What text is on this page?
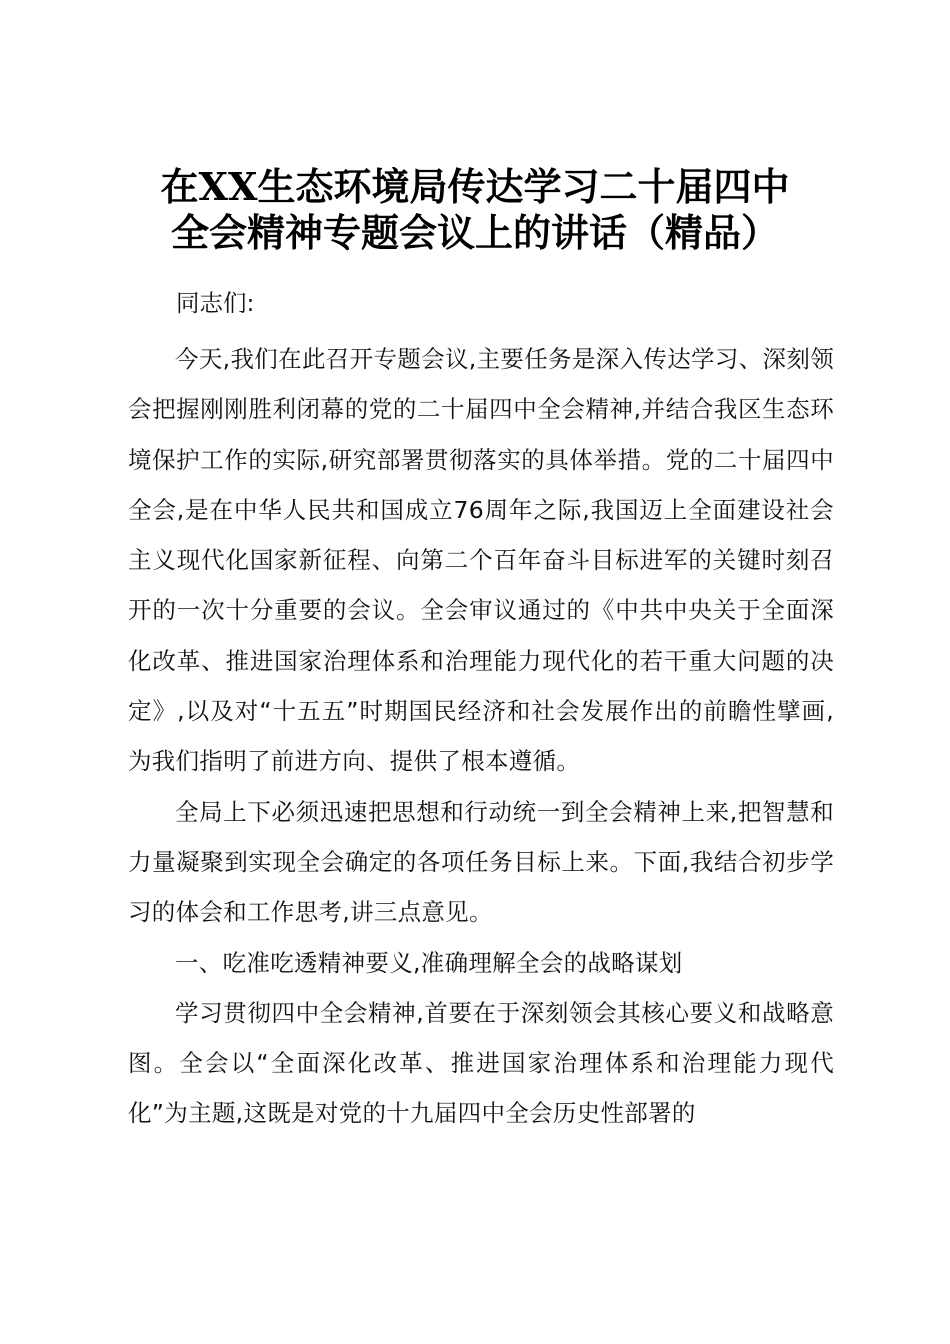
在XX生态环境局传达学习二十届四中
全会精神专题会议上的讲话（精品）
同志们:

今天,我们在此召开专题会议,主要任务是深入传达学习、深刻领会把握刚刚胜利闭幕的党的二十届四中全会精神,并结合我区生态环境保护工作的实际,研究部署贯彻落实的具体举措。党的二十届四中全会,是在中华人民共和国成立76周年之际,我国迈上全面建设社会主义现代化国家新征程、向第二个百年奋斗目标进军的关键时刻召开的一次十分重要的会议。全会审议通过的《中共中央关于全面深化改革、推进国家治理体系和治理能力现代化的若干重大问题的决定》,以及对“十五五”时期国民经济和社会发展作出的前瞻性擘画,为我们指明了前进方向、提供了根本遵循。

全局上下必须迅速把思想和行动统一到全会精神上来,把智慧和力量凝聚到实现全会确定的各项任务目标上来。下面,我结合初步学习的体会和工作思考,讲三点意见。

一、吃准吃透精神要义,准确理解全会的战略谋划

学习贯彻四中全会精神,首要在于深刻领会其核心要义和战略意图。全会以“全面深化改革、推进国家治理体系和治理能力现代化”为主题,这既是对党的十九届四中全会历史性部署的
